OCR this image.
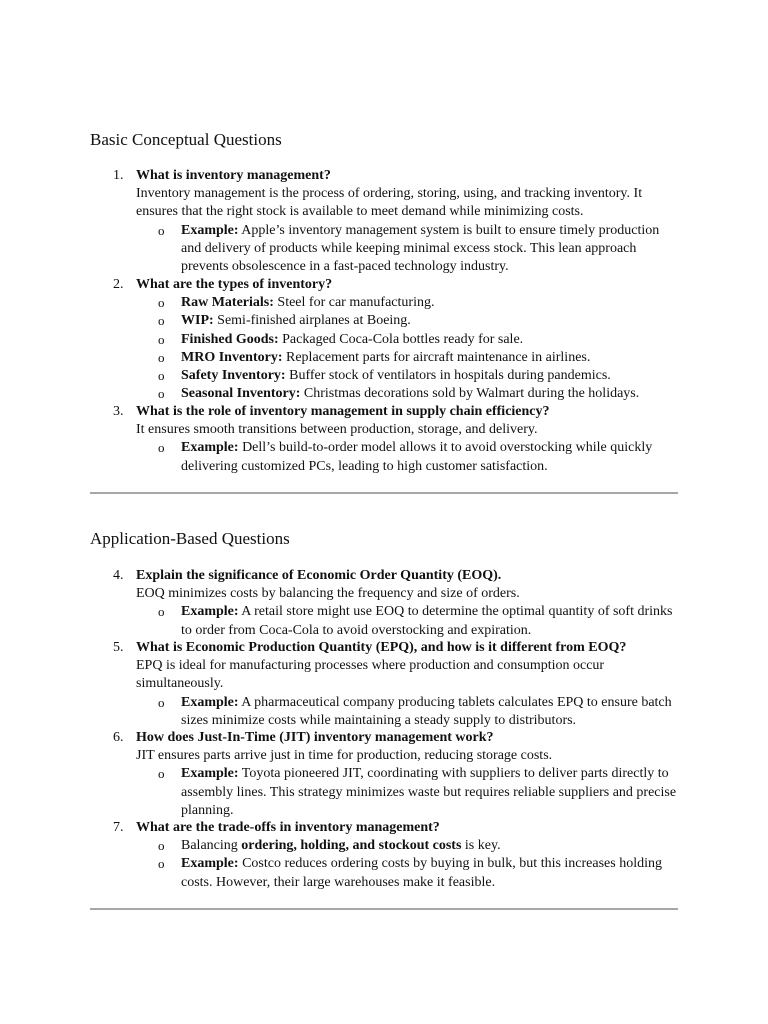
Basic Conceptual Questions
1. What is inventory management?
Inventory management is the process of ordering, storing, using, and tracking inventory. It ensures that the right stock is available to meet demand while minimizing costs.
o Example: Apple’s inventory management system is built to ensure timely production and delivery of products while keeping minimal excess stock. This lean approach prevents obsolescence in a fast-paced technology industry.
2. What are the types of inventory?
o Raw Materials: Steel for car manufacturing.
o WIP: Semi-finished airplanes at Boeing.
o Finished Goods: Packaged Coca-Cola bottles ready for sale.
o MRO Inventory: Replacement parts for aircraft maintenance in airlines.
o Safety Inventory: Buffer stock of ventilators in hospitals during pandemics.
o Seasonal Inventory: Christmas decorations sold by Walmart during the holidays.
3. What is the role of inventory management in supply chain efficiency?
It ensures smooth transitions between production, storage, and delivery.
o Example: Dell’s build-to-order model allows it to avoid overstocking while quickly delivering customized PCs, leading to high customer satisfaction.
Application-Based Questions
4. Explain the significance of Economic Order Quantity (EOQ).
EOQ minimizes costs by balancing the frequency and size of orders.
o Example: A retail store might use EOQ to determine the optimal quantity of soft drinks to order from Coca-Cola to avoid overstocking and expiration.
5. What is Economic Production Quantity (EPQ), and how is it different from EOQ?
EPQ is ideal for manufacturing processes where production and consumption occur simultaneously.
o Example: A pharmaceutical company producing tablets calculates EPQ to ensure batch sizes minimize costs while maintaining a steady supply to distributors.
6. How does Just-In-Time (JIT) inventory management work?
JIT ensures parts arrive just in time for production, reducing storage costs.
o Example: Toyota pioneered JIT, coordinating with suppliers to deliver parts directly to assembly lines. This strategy minimizes waste but requires reliable suppliers and precise planning.
7. What are the trade-offs in inventory management?
o Balancing ordering, holding, and stockout costs is key.
o Example: Costco reduces ordering costs by buying in bulk, but this increases holding costs. However, their large warehouses make it feasible.
